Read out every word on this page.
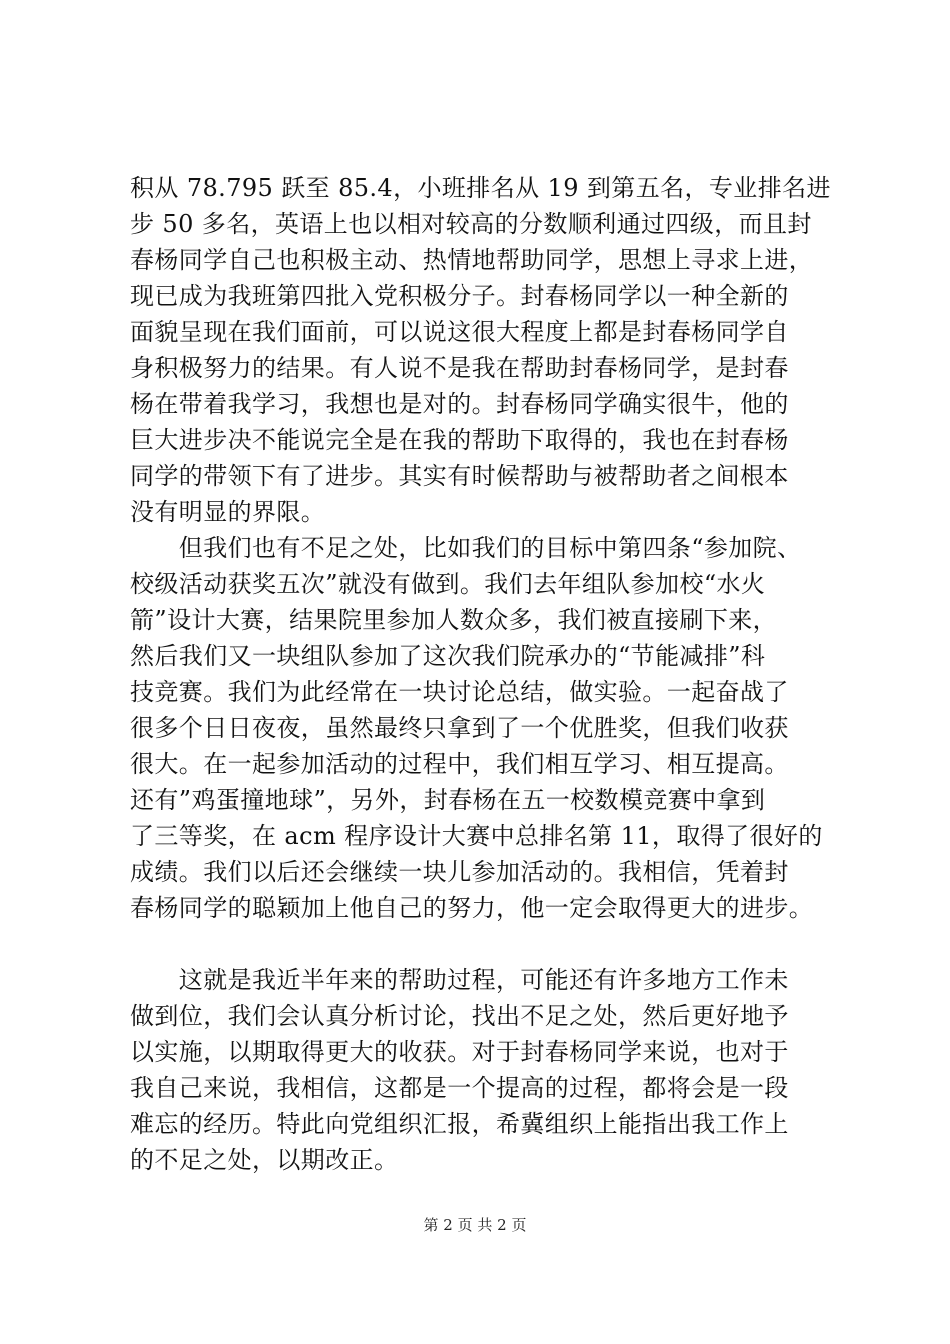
积从 78.795 跃至 85.4，小班排名从 19 到第五名，专业排名进
步 50 多名，英语上也以相对较高的分数顺利通过四级，而且封
春杨同学自己也积极主动、热情地帮助同学，思想上寻求上进，
现已成为我班第四批入党积极分子。封春杨同学以一种全新的
面貌呈现在我们面前，可以说这很大程度上都是封春杨同学自
身积极努力的结果。有人说不是我在帮助封春杨同学，是封春
杨在带着我学习，我想也是对的。封春杨同学确实很牛，他的
巨大进步决不能说完全是在我的帮助下取得的，我也在封春杨
同学的带领下有了进步。其实有时候帮助与被帮助者之间根本
没有明显的界限。
　　但我们也有不足之处，比如我们的目标中第四条“参加院、
校级活动获奖五次”就没有做到。我们去年组队参加校“水火
箭”设计大赛，结果院里参加人数众多，我们被直接刷下来，
然后我们又一块组队参加了这次我们院承办的“节能减排”科
技竞赛。我们为此经常在一块讨论总结，做实验。一起奋战了
很多个日日夜夜，虽然最终只拿到了一个优胜奖，但我们收获
很大。在一起参加活动的过程中，我们相互学习、相互提高。
还有”鸡蛋撞地球”，另外，封春杨在五一校数模竞赛中拿到
了三等奖，在 acm 程序设计大赛中总排名第 11，取得了很好的
成绩。我们以后还会继续一块儿参加活动的。我相信，凭着封
春杨同学的聪颖加上他自己的努力，他一定会取得更大的进步。
　　这就是我近半年来的帮助过程，可能还有许多地方工作未
做到位，我们会认真分析讨论，找出不足之处，然后更好地予
以实施，以期取得更大的收获。对于封春杨同学来说，也对于
我自己来说，我相信，这都是一个提高的过程，都将会是一段
难忘的经历。特此向党组织汇报，希冀组织上能指出我工作上
的不足之处，以期改正。
第 2 页 共 2 页
